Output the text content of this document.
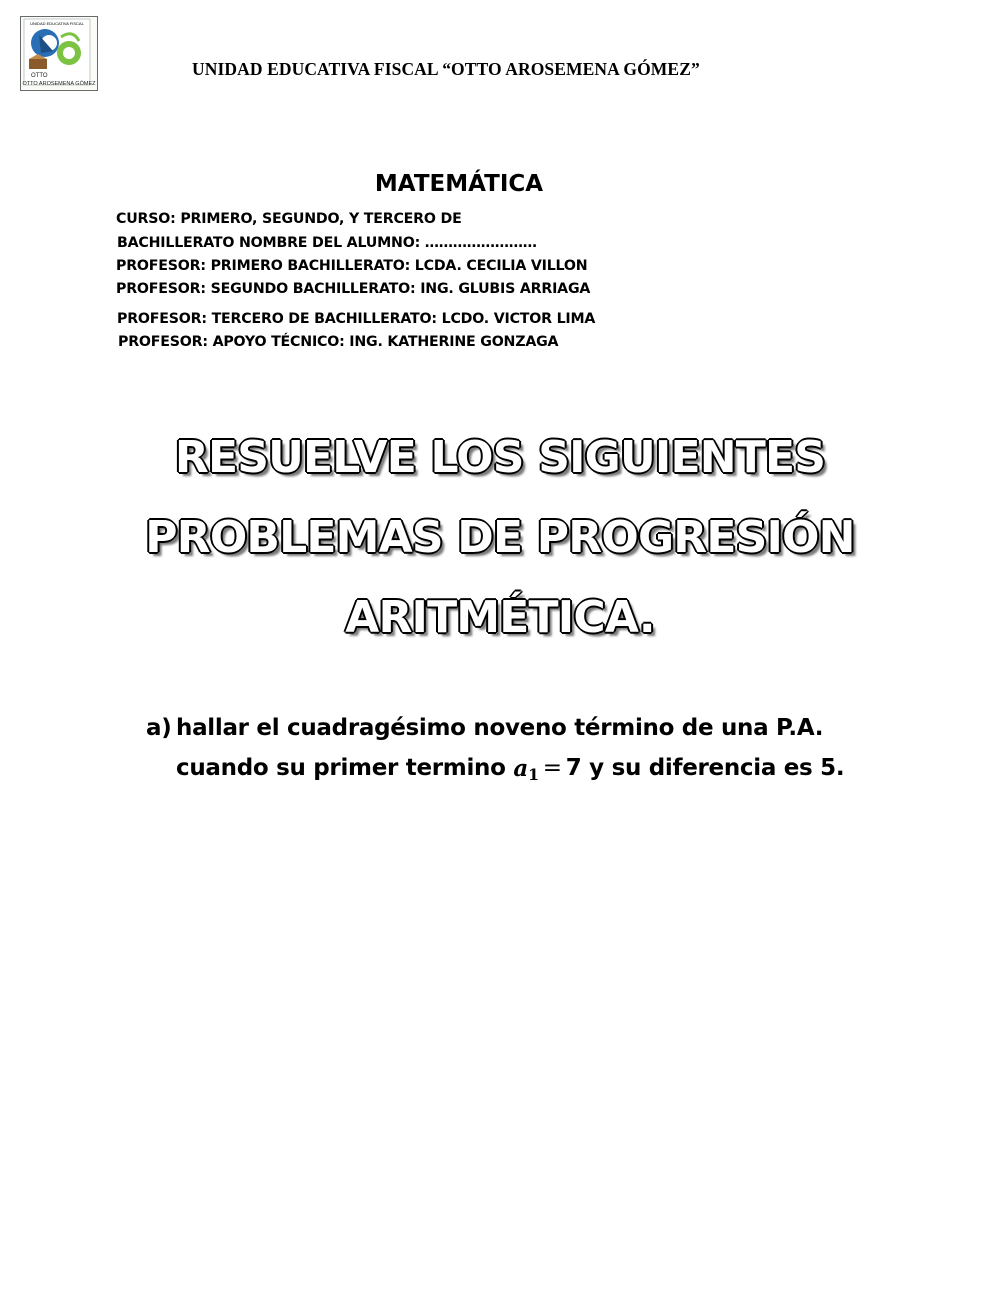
UNIDAD EDUCATIVA FISCAL
OTTO
OTTO AROSEMENA GÓMEZ
UNIDAD EDUCATIVA FISCAL “OTTO AROSEMENA GÓMEZ”
MATEMÁTICA
CURSO: PRIMERO, SEGUNDO, Y TERCERO DE
BACHILLERATO NOMBRE DEL ALUMNO: ……………………
PROFESOR: PRIMERO BACHILLERATO: LCDA. CECILIA VILLON
PROFESOR: SEGUNDO BACHILLERATO: ING. GLUBIS ARRIAGA
PROFESOR: TERCERO DE BACHILLERATO: LCDO. VICTOR LIMA
PROFESOR: APOYO TÉCNICO: ING. KATHERINE GONZAGA
RESUELVE LOS SIGUIENTES
PROBLEMAS DE PROGRESIÓN
ARITMÉTICA.
a) hallar el cuadragésimo noveno término de una P.A.
cuando su primer termino a 1 = 7 y su diferencia es 5.
